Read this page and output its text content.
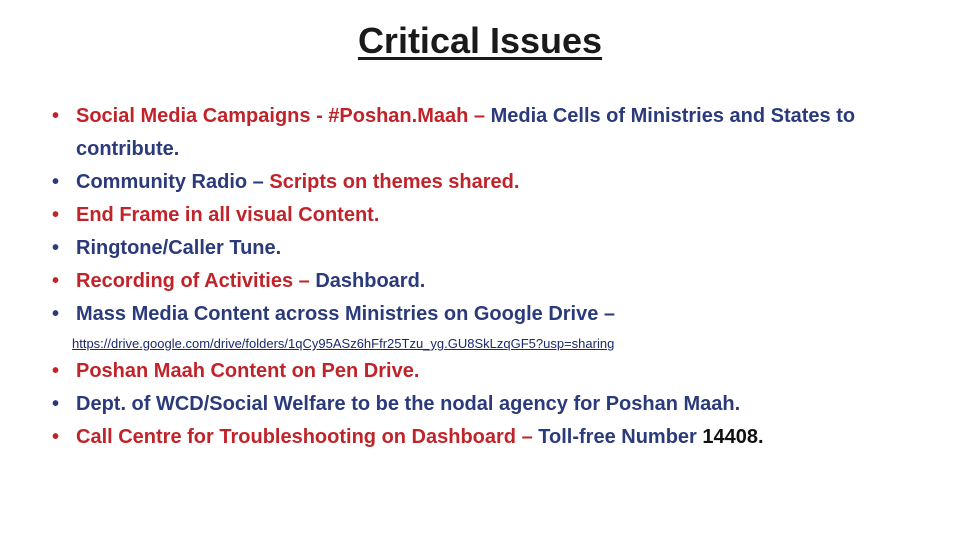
Critical Issues
• Social Media Campaigns - #Poshan.Maah – Media Cells of Ministries and States to contribute.
• Community Radio – Scripts on themes shared.
• End Frame in all visual Content.
• Ringtone/Caller Tune.
• Recording of Activities – Dashboard.
• Mass Media Content across Ministries on Google Drive –
https://drive.google.com/drive/folders/1qCy95ASz6hFfr25Tzu_yg.GU8SkLzqGF5?usp=sharing
• Poshan Maah Content on Pen Drive.
• Dept. of WCD/Social Welfare to be the nodal agency for Poshan Maah.
• Call Centre for Troubleshooting on Dashboard – Toll-free Number 14408.
